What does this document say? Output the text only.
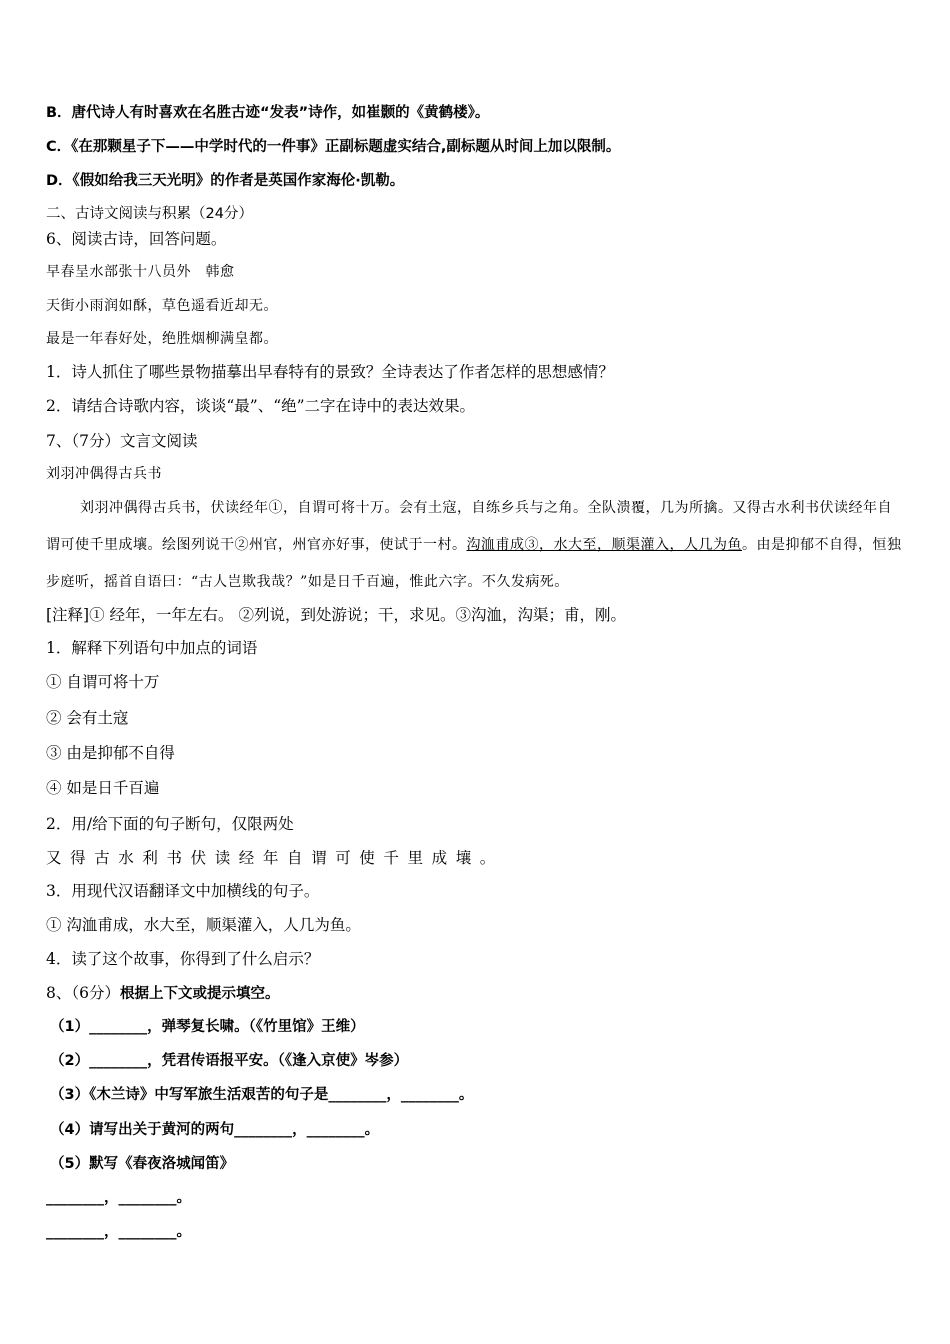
B．唐代诗人有时喜欢在名胜古迹“发表”诗作，如崔颢的《黄鹤楼》。
C．《在那颗星子下——中学时代的一件事》正副标题虚实结合,副标题从时间上加以限制。
D．《假如给我三天光明》的作者是英国作家海伦·凯勒。
二、古诗文阅读与积累（24分）
6、阅读古诗，回答问题。
早春呈水部张十八员外　韩愈
天街小雨润如酥，草色遥看近却无。
最是一年春好处，绝胜烟柳满皇都。
1．诗人抓住了哪些景物描摹出早春特有的景致？全诗表达了作者怎样的思想感情？
2．请结合诗歌内容，谈谈“最”、“绝”二字在诗中的表达效果。
7、（7分）文言文阅读
刘羽冲偶得古兵书
刘羽冲偶得古兵书，伏读经年①，自谓可将十万。会有土寇，自练乡兵与之角。全队溃覆，几为所擒。又得古水利书伏读经年自谓可使千里成壤。绘图列说干②州官，州官亦好事，使试于一村。沟洫甫成③，水大至，顺渠灌入，人几为鱼。由是抑郁不自得，恒独步庭听，摇首自语曰：“古人岂欺我哉？”如是日千百遍，惟此六字。不久发病死。
[注释]① 经年，一年左右。 ②列说，到处游说；干，求见。③沟洫，沟渠；甫，刚。
1．解释下列语句中加点的词语
① 自谓可将十万
② 会有土寇
③ 由是抑郁不自得
④ 如是日千百遍
2．用/给下面的句子断句，仅限两处
又得古水利书伏读经年自谓可使千里成壤。
3．用现代汉语翻译文中加横线的句子。
① 沟洫甫成，水大至，顺渠灌入，人几为鱼。
4．读了这个故事，你得到了什么启示？
8、（6分）根据上下文或提示填空。
（1）________，弹琴复长啸。（《竹里馆》王维）
（2）________，凭君传语报平安。（《逢入京使》岑参）
（3）《木兰诗》中写军旅生活艰苦的句子是________，________。
（4）请写出关于黄河的两句________，________。
（5）默写《春夜洛城闻笛》
________，________。
________，________。
